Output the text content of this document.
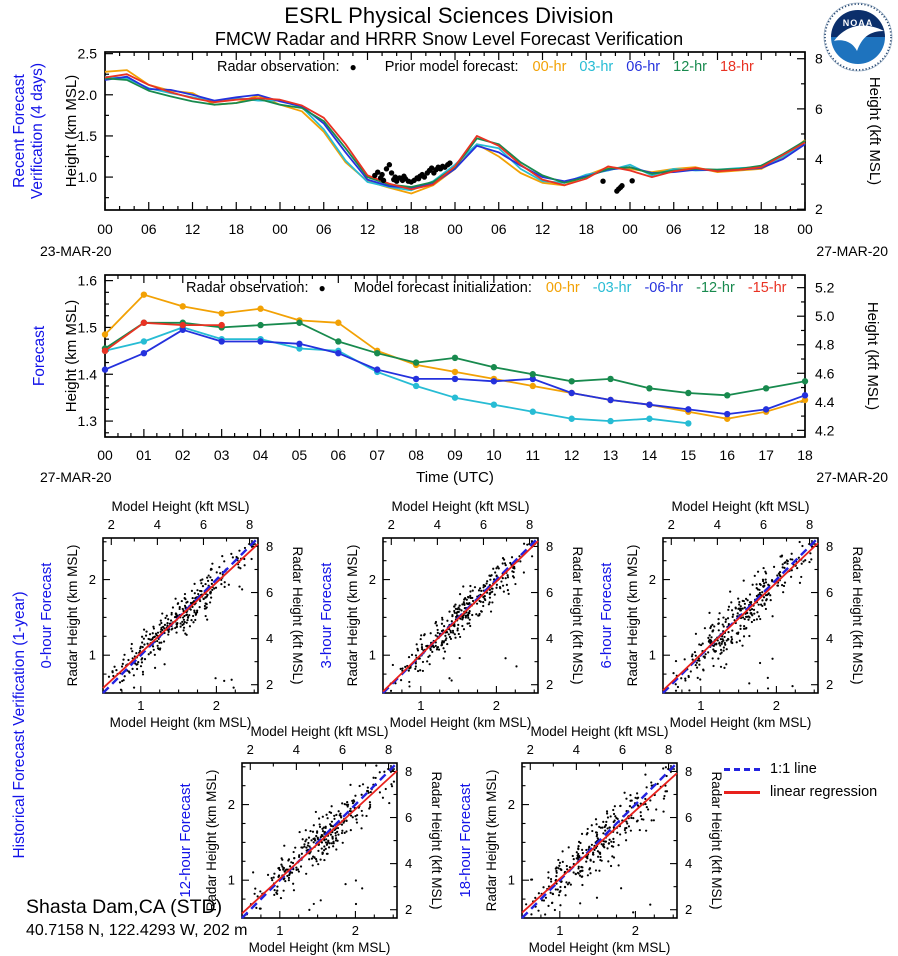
ESRL Physical Sciences Division
FMCW Radar and HRRR Snow Level Forecast Verification
NOAA
00 06 12 18 00 06 12 18 00 06 12 18 00 06 12 18 00
1.0
1.5
2.0
2.5
2
4
6
8
23-MAR-20	27-MAR-20
Recent Forecast Verification (4 days) Height (km MSL)	Height (kft MSL)
Radar observation: ● Prior model forecast: 00-hr 03-hr 06-hr 12-hr 18-hr
00 01 02 03 04 05 06 07 08 09 10 11 12 13 14 15 16 17 18
1.3
1.4
1.5
1.6
4.2
4.4
4.6
4.8
5.0
5.2
27-MAR-20	27-MAR-20
Time (UTC)
Forecast Height (km MSL)	Height (kft MSL)
Radar observation: ● Model forecast initialization: 00-hr -03-hr -06-hr -12-hr -15-hr
Historical Forecast Verification (1-year)	1
1
2
2
2
2
4
4
6
6
8
8
Model Height (kft MSL)
Model Height (km MSL)
0-hour Forecast Radar Height (km MSL)	Radar Height (kft MSL)
1
1
2
2
2
2
4
4
6
6
8
8
Model Height (kft MSL)
Model Height (km MSL)
3-hour Forecast Radar Height (km MSL)	Radar Height (kft MSL)
1
1
2
2
2
2
4
4
6
6
8
8
Model Height (kft MSL)
Model Height (km MSL)
6-hour Forecast Radar Height (km MSL)	Radar Height (kft MSL)
1
1
2
2
2
2
4
4
6
6
8
8
Model Height (kft MSL)
Model Height (km MSL)
12-hour Forecast Radar Height (km MSL)	Radar Height (kft MSL)
1
1
2
2
2
2
4
4
6
6
8
8
Model Height (kft MSL)
Model Height (km MSL)
18-hour Forecast Radar Height (km MSL)	Radar Height (kft MSL)
1:1 line
linear regression
Shasta Dam,CA (STD)
40.7158 N, 122.4293 W, 202 m
